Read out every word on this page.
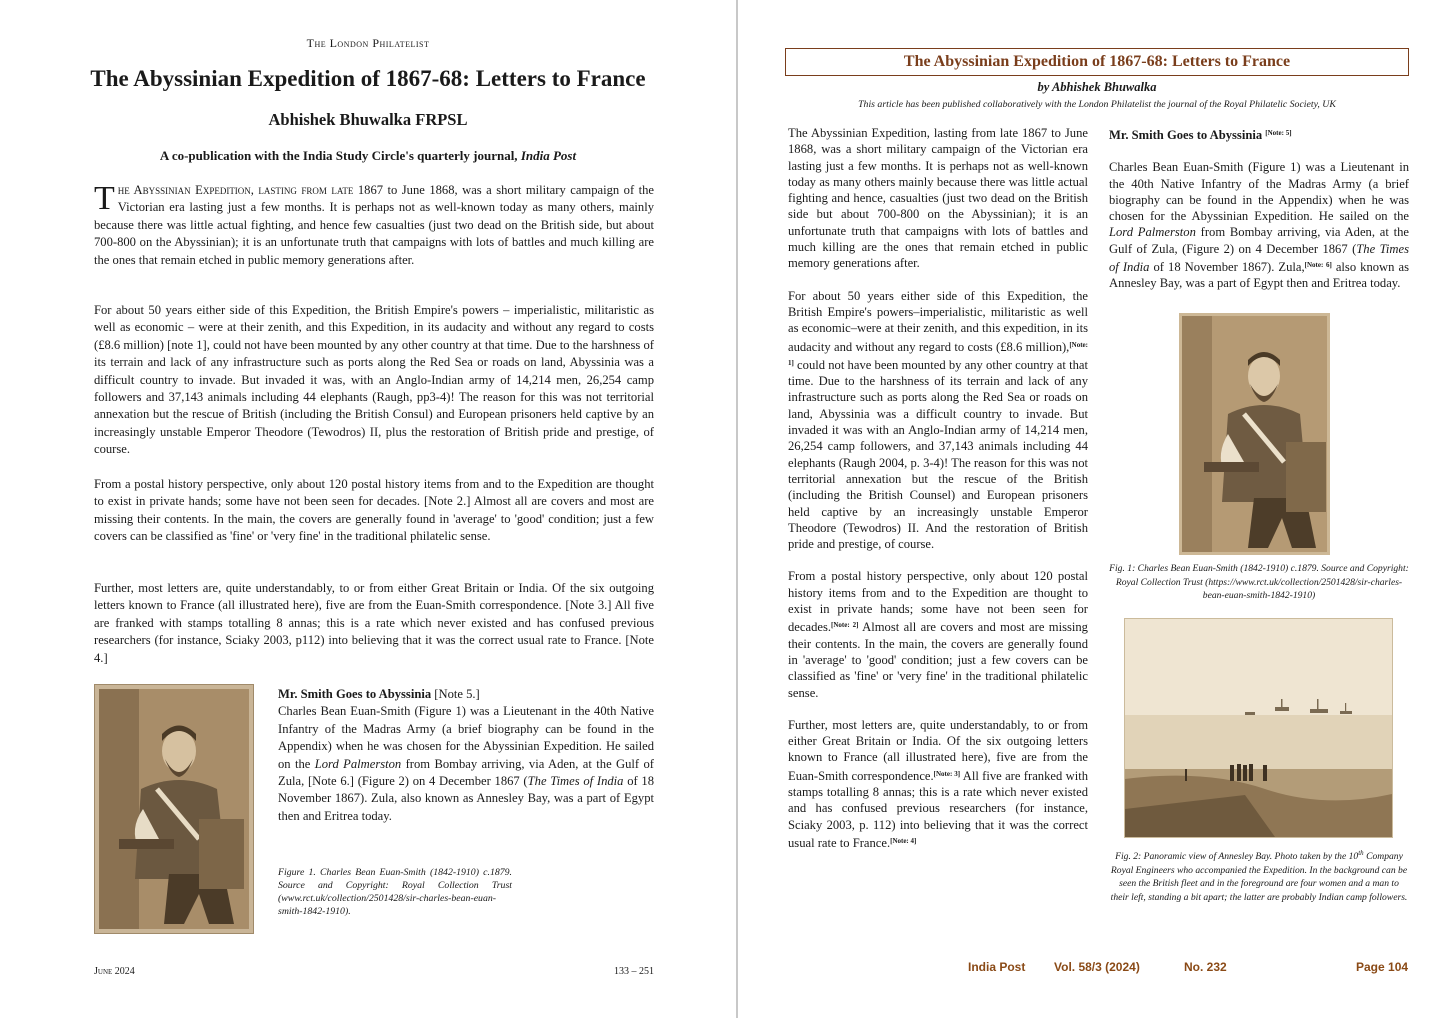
The London Philatelist
The Abyssinian Expedition of 1867-68: Letters to France
Abhishek Bhuwalka FRPSL
A co-publication with the India Study Circle's quarterly journal, India Post

The Abyssinian Expedition, lasting from late 1867 to June 1868, was a short military campaign of the Victorian era lasting just a few months. It is perhaps not as well-known today as many others, mainly because there was little actual fighting, and hence few casualties (just two dead on the British side, but about 700-800 on the Abyssinian); it is an unfortunate truth that campaigns with lots of battles and much killing are the ones that remain etched in public memory generations after.

For about 50 years either side of this Expedition, the British Empire's powers – imperialistic, militaristic as well as economic – were at their zenith, and this Expedition, in its audacity and without any regard to costs (£8.6 million) [note 1], could not have been mounted by any other country at that time. Due to the harshness of its terrain and lack of any infrastructure such as ports along the Red Sea or roads on land, Abyssinia was a difficult country to invade. But invaded it was, with an Anglo-Indian army of 14,214 men, 26,254 camp followers and 37,143 animals including 44 elephants (Raugh, pp3-4)! The reason for this was not territorial annexation but the rescue of British (including the British Consul) and European prisoners held captive by an increasingly unstable Emperor Theodore (Tewodros) II, plus the restoration of British pride and prestige, of course.

From a postal history perspective, only about 120 postal history items from and to the Expedition are thought to exist in private hands; some have not been seen for decades. [Note 2.] Almost all are covers and most are missing their contents. In the main, the covers are generally found in 'average' to 'good' condition; just a few covers can be classified as 'fine' or 'very fine' in the traditional philatelic sense.

Further, most letters are, quite understandably, to or from either Great Britain or India. Of the six outgoing letters known to France (all illustrated here), five are from the Euan-Smith correspondence. [Note 3.] All five are franked with stamps totalling 8 annas; this is a rate which never existed and has confused previous researchers (for instance, Sciaky 2003, p112) into believing that it was the correct usual rate to France. [Note 4.]

Mr. Smith Goes to Abyssinia [Note 5.]

Charles Bean Euan-Smith (Figure 1) was a Lieutenant in the 40th Native Infantry of the Madras Army (a brief biography can be found in the Appendix) when he was chosen for the Abyssinian Expedition. He sailed on the Lord Palmerston from Bombay arriving, via Aden, at the Gulf of Zula, [Note 6.] (Figure 2) on 4 December 1867 (The Times of India of 18 November 1867). Zula, also known as Annesley Bay, was a part of Egypt then and Eritrea today.

Figure 1. Charles Bean Euan-Smith (1842-1910) c.1879. Source and Copyright: Royal Collection Trust (www.rct.uk/collection/2501428/sir-charles-bean-euan-smith-1842-1910).
June 2024	133 – 251
The Abyssinian Expedition of 1867-68: Letters to France
by Abhishek Bhuwalka
This article has been published collaboratively with the London Philatelist the journal of the Royal Philatelic Society, UK

The Abyssinian Expedition, lasting from late 1867 to June 1868, was a short military campaign of the Victorian era lasting just a few months. It is perhaps not as well-known today as many others mainly because there was little actual fighting and hence, casualties (just two dead on the British side but about 700-800 on the Abyssinian); it is an unfortunate truth that campaigns with lots of battles and much killing are the ones that remain etched in public memory generations after.

For about 50 years either side of this Expedition, the British Empire's powers–imperialistic, militaristic as well as economic–were at their zenith, and this expedition, in its audacity and without any regard to costs (£8.6 million),[Note: 1] could not have been mounted by any other country at that time. Due to the harshness of its terrain and lack of any infrastructure such as ports along the Red Sea or roads on land, Abyssinia was a difficult country to invade. But invaded it was with an Anglo-Indian army of 14,214 men, 26,254 camp followers, and 37,143 animals including 44 elephants (Raugh 2004, p. 3-4)! The reason for this was not territorial annexation but the rescue of the British (including the British Counsel) and European prisoners held captive by an increasingly unstable Emperor Theodore (Tewodros) II. And the restoration of British pride and prestige, of course.

From a postal history perspective, only about 120 postal history items from and to the Expedition are thought to exist in private hands; some have not been seen for decades.[Note: 2] Almost all are covers and most are missing their contents. In the main, the covers are generally found in 'average' to 'good' condition; just a few covers can be classified as 'fine' or 'very fine' in the traditional philatelic sense.

Further, most letters are, quite understandably, to or from either Great Britain or India. Of the six outgoing letters known to France (all illustrated here), five are from the Euan-Smith correspondence.[Note: 3] All five are franked with stamps totalling 8 annas; this is a rate which never existed and has confused previous researchers (for instance, Sciaky 2003, p. 112) into believing that it was the correct usual rate to France.[Note: 4]

Mr. Smith Goes to Abyssinia [Note: 5]

Charles Bean Euan-Smith (Figure 1) was a Lieutenant in the 40th Native Infantry of the Madras Army (a brief biography can be found in the Appendix) when he was chosen for the Abyssinian Expedition. He sailed on the Lord Palmerston from Bombay arriving, via Aden, at the Gulf of Zula, (Figure 2) on 4 December 1867 (The Times of India of 18 November 1867). Zula,[Note: 6] also known as Annesley Bay, was a part of Egypt then and Eritrea today.

Fig. 1: Charles Bean Euan-Smith (1842-1910) c.1879. Source and Copyright: Royal Collection Trust (https://www.rct.uk/collection/2501428/sir-charles-bean-euan-smith-1842-1910)
Fig. 2: Panoramic view of Annesley Bay. Photo taken by the 10th Company Royal Engineers who accompanied the Expedition. In the background can be seen the British fleet and in the foreground are four women and a man to their left, standing a bit apart; the latter are probably Indian camp followers.
India Post Vol. 58/3 (2024)	No. 232	Page 104
